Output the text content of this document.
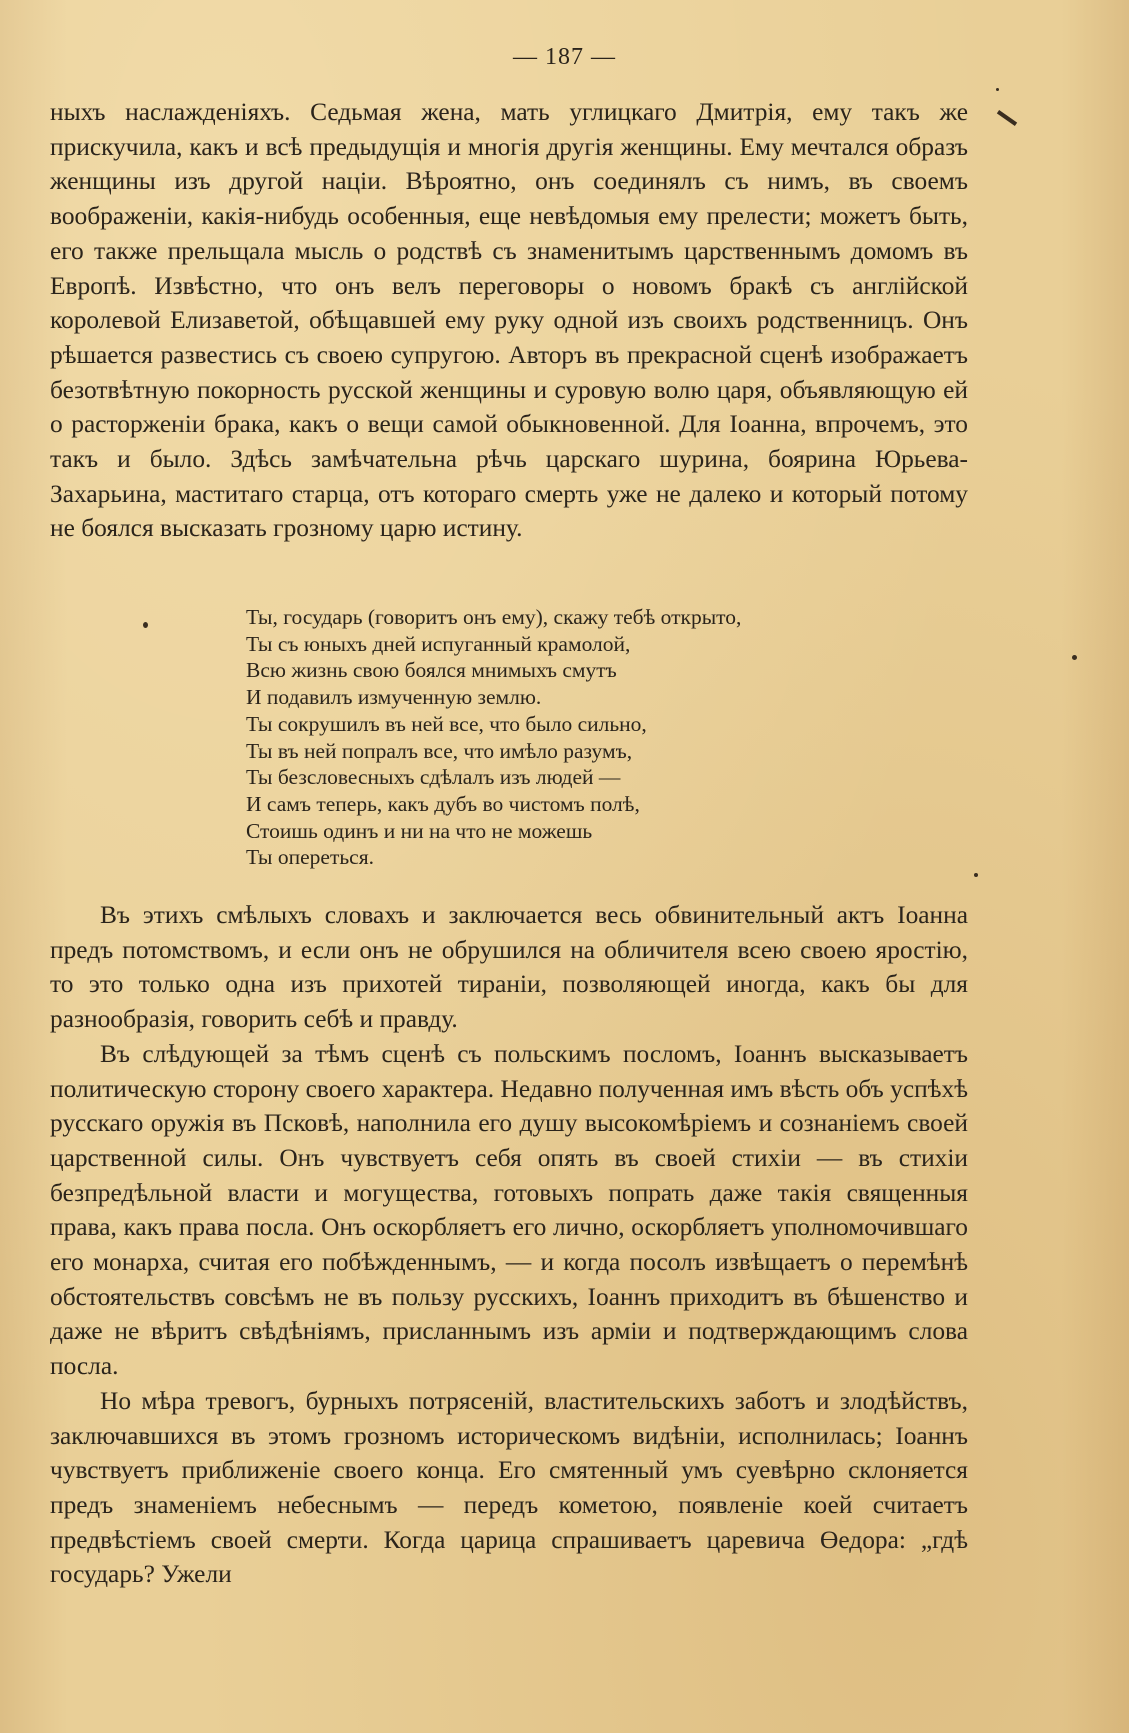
— 187 —

ныхъ наслажденіяхъ. Седьмая жена, мать углицкаго Дмитрія, ему такъ же прискучила, какъ и всѣ предыдущія и многія другія женщины. Ему мечтался образъ женщины изъ другой націи. Вѣроятно, онъ соединялъ съ нимъ, въ своемъ воображеніи, какія-нибудь особенныя, еще невѣдомыя ему прелести; можетъ быть, его также прельщала мысль о родствѣ съ знаменитымъ царственнымъ домомъ въ Европѣ. Извѣстно, что онъ велъ переговоры о новомъ бракѣ съ англійской королевой Елизаветой, обѣщавшей ему руку одной изъ своихъ родственницъ. Онъ рѣшается развестись съ своею супругою. Авторъ въ прекрасной сценѣ изображаетъ безотвѣтную покорность русской женщины и суровую волю царя, объявляющую ей о расторженіи брака, какъ о вещи самой обыкновенной. Для Іоанна, впрочемъ, это такъ и было. Здѣсь замѣчательна рѣчь царскаго шурина, боярина Юрьева-Захарьина, маститаго старца, отъ котораго смерть уже не далеко и который потому не боялся высказать грозному царю истину.

Ты, государь (говоритъ онъ ему), скажу тебѣ открыто,
Ты съ юныхъ дней испуганный крамолой,
Всю жизнь свою боялся мнимыхъ смутъ
И подавилъ измученную землю.
Ты сокрушилъ въ ней все, что было сильно,
Ты въ ней попралъ все, что имѣло разумъ,
Ты безсловесныхъ сдѣлалъ изъ людей —
И самъ теперь, какъ дубъ во чистомъ полѣ,
Стоишь одинъ и ни на что не можешь
Ты опереться.

Въ этихъ смѣлыхъ словахъ и заключается весь обвинительный актъ Іоанна предъ потомствомъ, и если онъ не обрушился на обличителя всею своею яростію, то это только одна изъ прихотей тираніи, позволяющей иногда, какъ бы для разнообразія, говорить себѣ и правду.

Въ слѣдующей за тѣмъ сценѣ съ польскимъ посломъ, Іоаннъ высказываетъ политическую сторону своего характера. Недавно полученная имъ вѣсть объ успѣхѣ русскаго оружія въ Псковѣ, наполнила его душу высокомѣріемъ и сознаніемъ своей царственной силы. Онъ чувствуетъ себя опять въ своей стихіи — въ стихіи безпредѣльной власти и могущества, готовыхъ попрать даже такія священныя права, какъ права посла. Онъ оскорбляетъ его лично, оскорбляетъ уполномочившаго его монарха, считая его побѣжденнымъ, — и когда посолъ извѣщаетъ о перемѣнѣ обстоятельствъ совсѣмъ не въ пользу русскихъ, Іоаннъ приходитъ въ бѣшенство и даже не вѣритъ свѣдѣніямъ, присланнымъ изъ арміи и подтверждающимъ слова посла.

Но мѣра тревогъ, бурныхъ потрясеній, властительскихъ заботъ и злодѣйствъ, заключавшихся въ этомъ грозномъ историческомъ видѣніи, исполнилась; Іоаннъ чувствуетъ приближеніе своего конца. Его смятенный умъ суевѣрно склоняется предъ знаменіемъ небеснымъ — передъ кометою, появленіе коей считаетъ предвѣстіемъ своей смерти. Когда царица спрашиваетъ царевича Өедора: „гдѣ государь? Ужели
